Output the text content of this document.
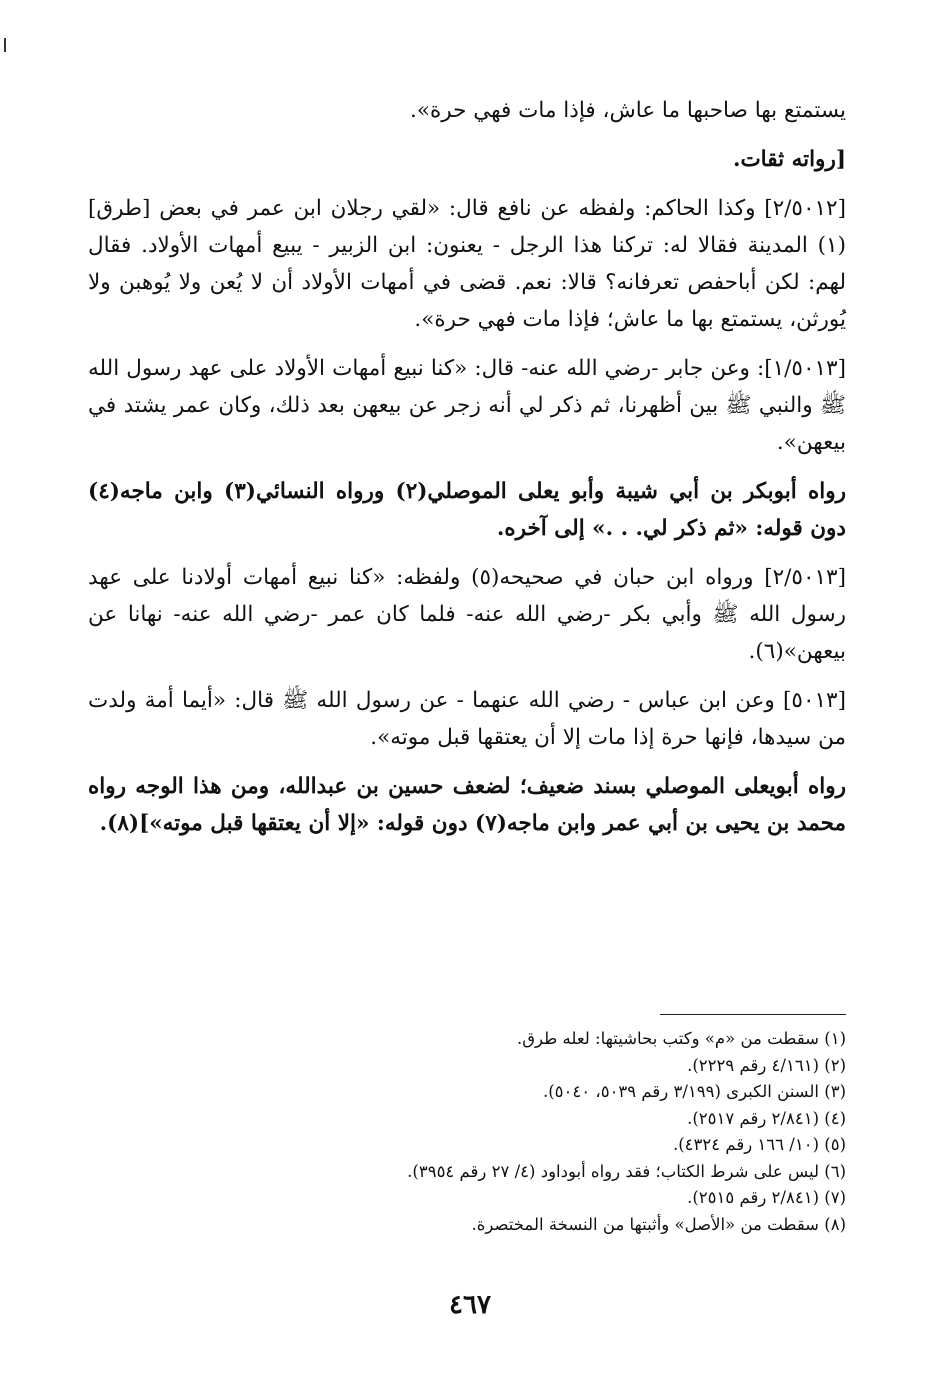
يستمتع بها صاحبها ما عاش، فإذا مات فهي حرة».

[رواته ثقات.

[٢/٥٠١٢] وكذا الحاكم: ولفظه عن نافع قال: «لقي رجلان ابن عمر في بعض [طرق](١) المدينة فقالا له: تركنا هذا الرجل - يعنون: ابن الزبير - يبيع أمهات الأولاد. فقال لهم: لكن أباحفص تعرفانه؟ قالا: نعم. قضى في أمهات الأولاد أن لا يُعن ولا يُوهبن ولا يُورثن، يستمتع بها ما عاش؛ فإذا مات فهي حرة».

[١/٥٠١٣]: وعن جابر -رضي الله عنه- قال: «كنا نبيع أمهات الأولاد على عهد رسول الله ﷺ والنبي ﷺ بين أظهرنا، ثم ذكر لي أنه زجر عن بيعهن بعد ذلك، وكان عمر يشتد في بيعهن».

رواه أبوبكر بن أبي شيبة وأبو يعلى الموصلي(٢) ورواه النسائي(٣) وابن ماجه(٤) دون قوله: «ثم ذكر لي. . .» إلى آخره.

[٢/٥٠١٣] ورواه ابن حبان في صحيحه(٥) ولفظه: «كنا نبيع أمهات أولادنا على عهد رسول الله ﷺ وأبي بكر -رضي الله عنه- فلما كان عمر -رضي الله عنه- نهانا عن بيعهن»(٦).

[٥٠١٣] وعن ابن عباس - رضي الله عنهما - عن رسول الله ﷺ قال: «أيما أمة ولدت من سيدها، فإنها حرة إذا مات إلا أن يعتقها قبل موته».

رواه أبويعلى الموصلي بسند ضعيف؛ لضعف حسين بن عبدالله، ومن هذا الوجه رواه محمد بن يحيى بن أبي عمر وابن ماجه(٧) دون قوله: «إلا أن يعتقها قبل موته»](٨).

(١) سقطت من «م» وكتب بحاشيتها: لعله طرق.

(٢) (٤/١٦١ رقم ٢٢٢٩).

(٣) السنن الكبرى (٣/١٩٩ رقم ٥٠٣٩، ٥٠٤٠).

(٤) (٢/٨٤١ رقم ٢٥١٧).

(٥) (١٠/ ١٦٦ رقم ٤٣٢٤).

(٦) ليس على شرط الكتاب؛ فقد رواه أبوداود (٤/ ٢٧ رقم ٣٩٥٤).

(٧) (٢/٨٤١ رقم ٢٥١٥).

(٨) سقطت من «الأصل» وأثبتها من النسخة المختصرة.

٤٦٧
